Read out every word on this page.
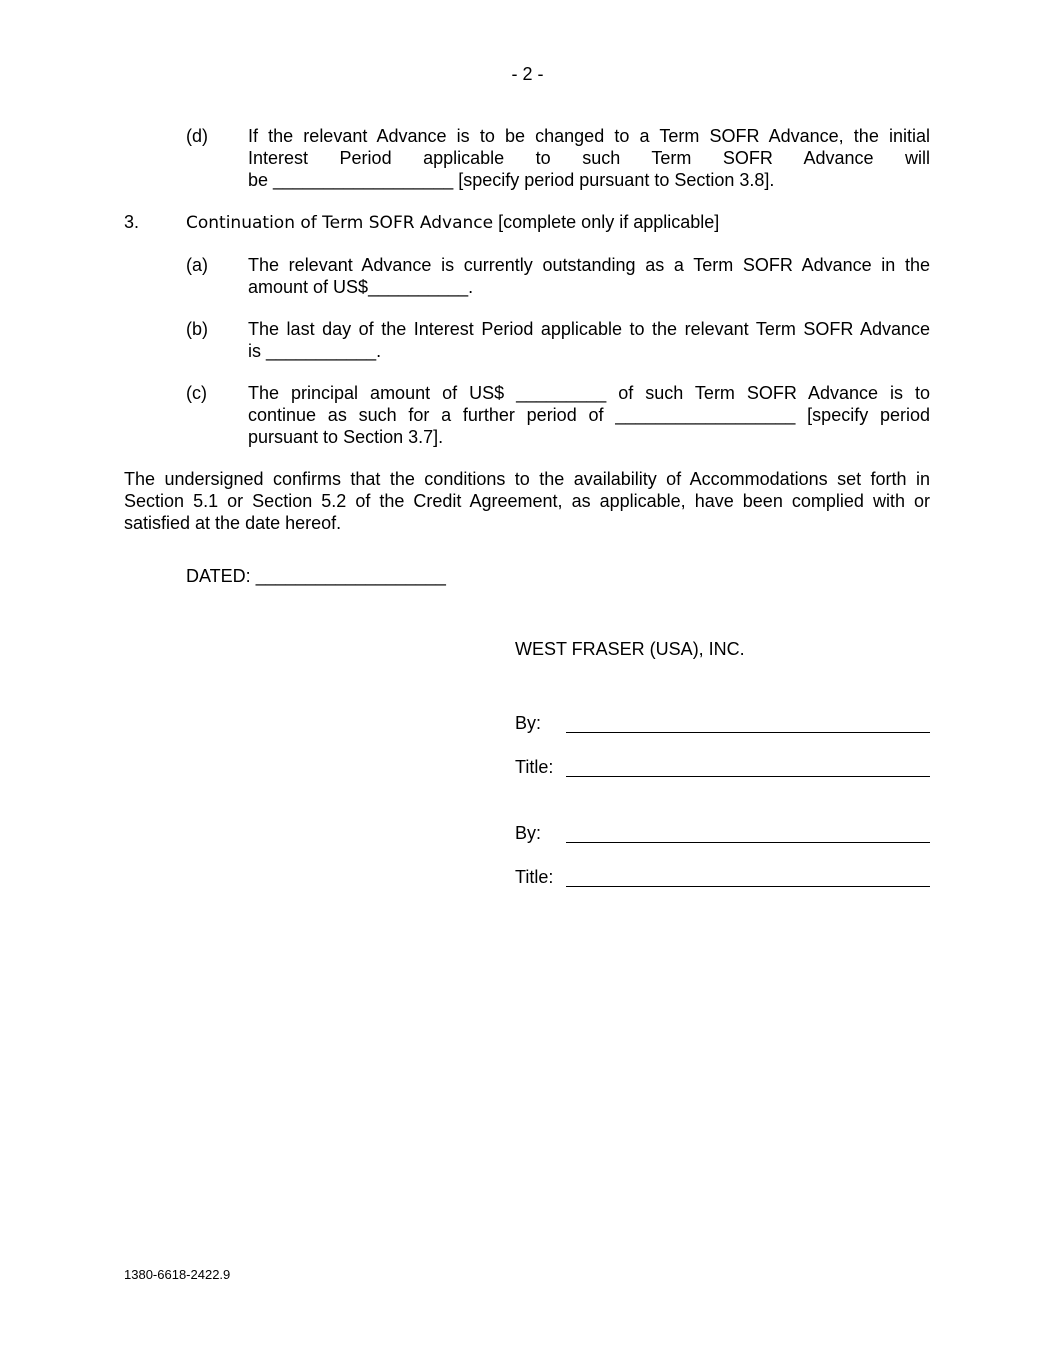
- 2 -
(d)	If the relevant Advance is to be changed to a Term SOFR Advance, the initial
Interest Period applicable to such Term SOFR Advance will
be __________________ [specify period pursuant to Section 3.8].
3.	Continuation of Term SOFR Advance [complete only if applicable]
(a)	The relevant Advance is currently outstanding as a Term SOFR Advance in the
amount of US$__________.
(b)	The last day of the Interest Period applicable to the relevant Term SOFR Advance
is ___________.
(c)	The principal amount of US$ _________ of such Term SOFR Advance is to
continue as such for a further period of __________________ [specify period
pursuant to Section 3.7].
The undersigned confirms that the conditions to the availability of Accommodations set forth in
Section 5.1 or Section 5.2 of the Credit Agreement, as applicable, have been complied with or
satisfied at the date hereof.
DATED: ___________________
WEST FRASER (USA), INC.
By:
Title:
By:
Title:
1380-6618-2422.9
